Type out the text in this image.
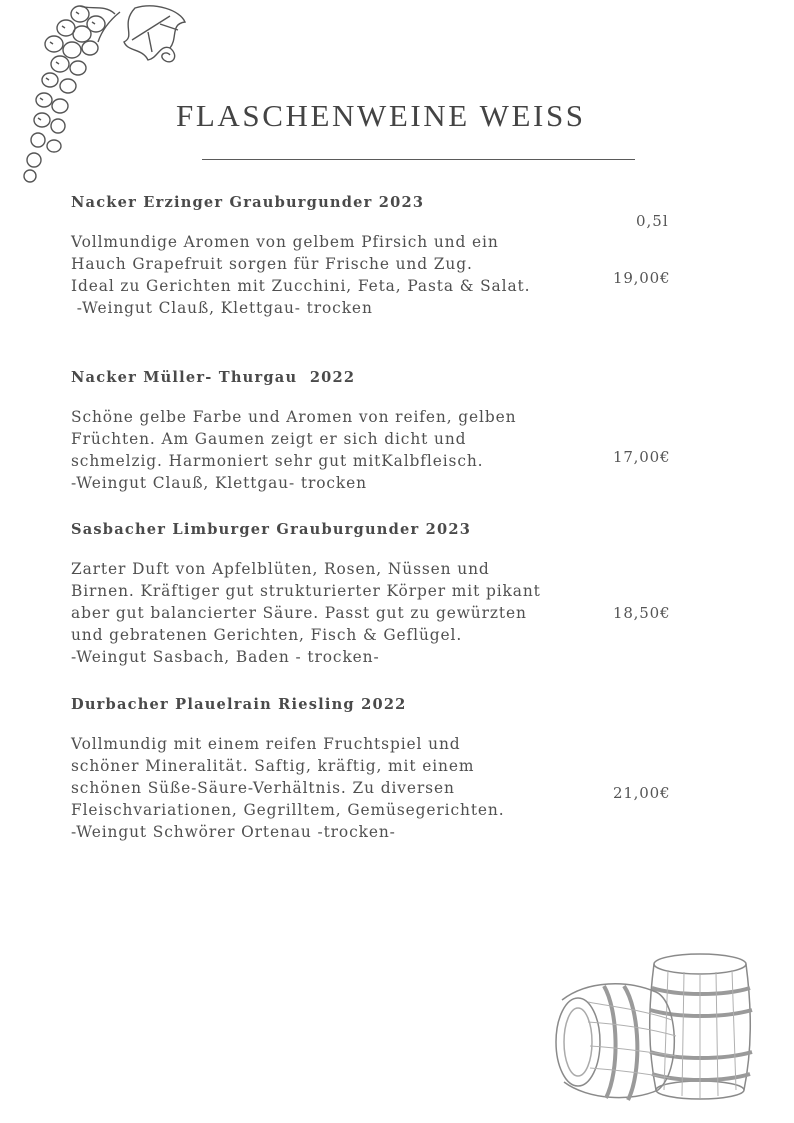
FLASCHENWEINE WEISS
0,5l
Nacker Erzinger Grauburgunder 2023
Vollmundige Aromen von gelbem Pfirsich und ein
Hauch Grapefruit sorgen für Frische und Zug.
Ideal zu Gerichten mit Zucchini, Feta, Pasta & Salat.
-Weingut Clauß, Klettgau- trocken
19,00€
Nacker Müller- Thurgau  2022
Schöne gelbe Farbe und Aromen von reifen, gelben
Früchten. Am Gaumen zeigt er sich dicht und
schmelzig. Harmoniert sehr gut mitKalbfleisch.
-Weingut Clauß, Klettgau- trocken
17,00€
Sasbacher Limburger Grauburgunder 2023
Zarter Duft von Apfelblüten, Rosen, Nüssen und
Birnen. Kräftiger gut strukturierter Körper mit pikant
aber gut balancierter Säure. Passt gut zu gewürzten
und gebratenen Gerichten, Fisch & Geflügel.
-Weingut Sasbach, Baden - trocken-
18,50€
Durbacher Plauelrain Riesling 2022
Vollmundig mit einem reifen Fruchtspiel und
schöner Mineralität. Saftig, kräftig, mit einem
schönen Süße-Säure-Verhältnis. Zu diversen
Fleischvariationen, Gegrilltem, Gemüsegerichten.
-Weingut Schwörer Ortenau -trocken-
21,00€
